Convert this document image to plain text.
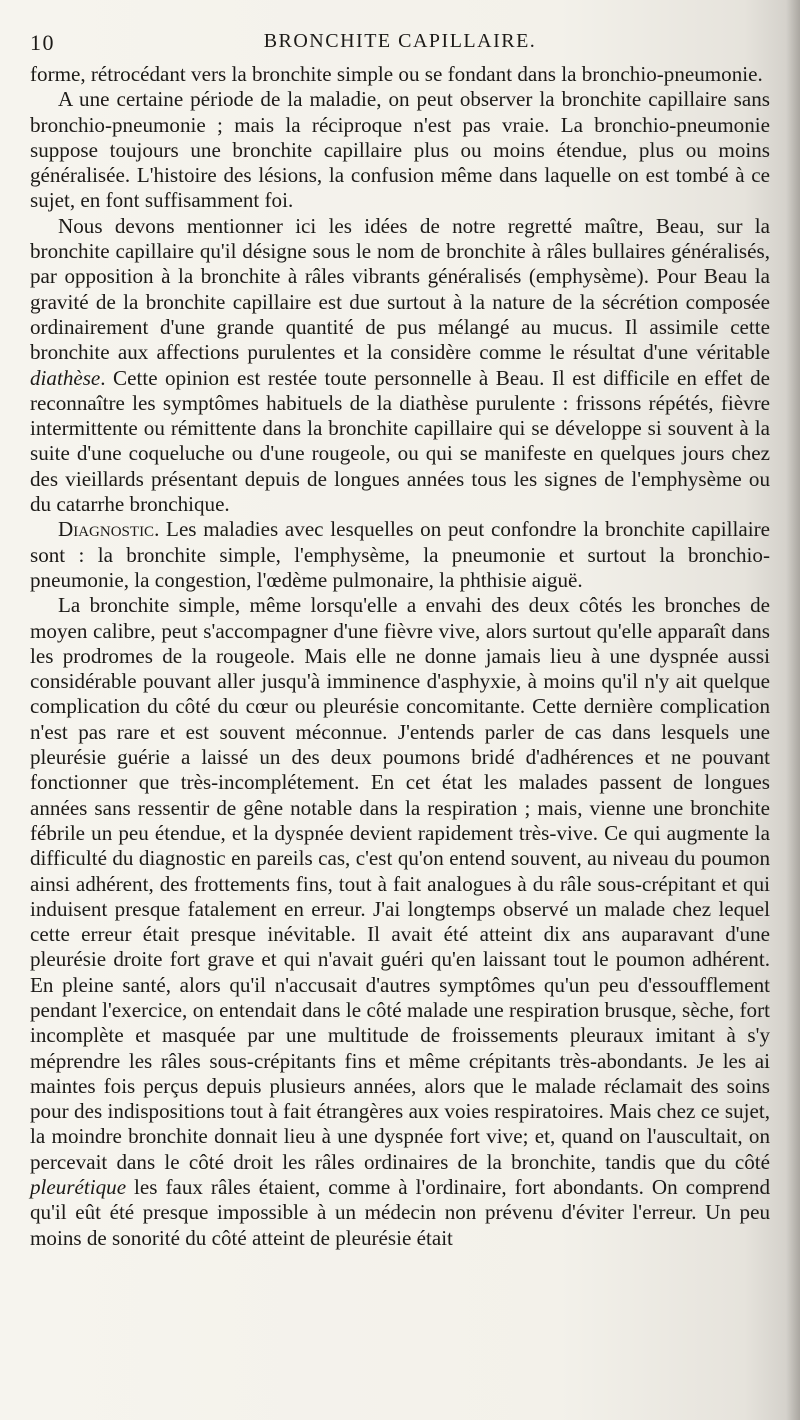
10	BRONCHITE CAPILLAIRE.

forme, rétrocédant vers la bronchite simple ou se fondant dans la bronchio-pneumonie.

A une certaine période de la maladie, on peut observer la bronchite capillaire sans bronchio-pneumonie ; mais la réciproque n'est pas vraie. La bronchio-pneumonie suppose toujours une bronchite capillaire plus ou moins étendue, plus ou moins généralisée. L'histoire des lésions, la confusion même dans laquelle on est tombé à ce sujet, en font suffisamment foi.

Nous devons mentionner ici les idées de notre regretté maître, Beau, sur la bronchite capillaire qu'il désigne sous le nom de bronchite à râles bullaires généralisés, par opposition à la bronchite à râles vibrants généralisés (emphysème). Pour Beau la gravité de la bronchite capillaire est due surtout à la nature de la sécrétion composée ordinairement d'une grande quantité de pus mélangé au mucus. Il assimile cette bronchite aux affections purulentes et la considère comme le résultat d'une véritable diathèse. Cette opinion est restée toute personnelle à Beau. Il est difficile en effet de reconnaître les symptômes habituels de la diathèse purulente : frissons répétés, fièvre intermittente ou rémittente dans la bronchite capillaire qui se développe si souvent à la suite d'une coqueluche ou d'une rougeole, ou qui se manifeste en quelques jours chez des vieillards présentant depuis de longues années tous les signes de l'emphysème ou du catarrhe bronchique.

Diagnostic. Les maladies avec lesquelles on peut confondre la bronchite capillaire sont : la bronchite simple, l'emphysème, la pneumonie et surtout la bronchio-pneumonie, la congestion, l'œdème pulmonaire, la phthisie aiguë.

La bronchite simple, même lorsqu'elle a envahi des deux côtés les bronches de moyen calibre, peut s'accompagner d'une fièvre vive, alors surtout qu'elle apparaît dans les prodromes de la rougeole. Mais elle ne donne jamais lieu à une dyspnée aussi considérable pouvant aller jusqu'à imminence d'asphyxie, à moins qu'il n'y ait quelque complication du côté du cœur ou pleurésie concomitante. Cette dernière complication n'est pas rare et est souvent méconnue. J'entends parler de cas dans lesquels une pleurésie guérie a laissé un des deux poumons bridé d'adhérences et ne pouvant fonctionner que très-incomplétement. En cet état les malades passent de longues années sans ressentir de gêne notable dans la respiration ; mais, vienne une bronchite fébrile un peu étendue, et la dyspnée devient rapidement très-vive. Ce qui augmente la difficulté du diagnostic en pareils cas, c'est qu'on entend souvent, au niveau du poumon ainsi adhérent, des frottements fins, tout à fait analogues à du râle sous-crépitant et qui induisent presque fatalement en erreur. J'ai longtemps observé un malade chez lequel cette erreur était presque inévitable. Il avait été atteint dix ans auparavant d'une pleurésie droite fort grave et qui n'avait guéri qu'en laissant tout le poumon adhérent. En pleine santé, alors qu'il n'accusait d'autres symptômes qu'un peu d'essoufflement pendant l'exercice, on entendait dans le côté malade une respiration brusque, sèche, fort incomplète et masquée par une multitude de froissements pleuraux imitant à s'y méprendre les râles sous-crépitants fins et même crépitants très-abondants. Je les ai maintes fois perçus depuis plusieurs années, alors que le malade réclamait des soins pour des indispositions tout à fait étrangères aux voies respiratoires. Mais chez ce sujet, la moindre bronchite donnait lieu à une dyspnée fort vive; et, quand on l'auscultait, on percevait dans le côté droit les râles ordinaires de la bronchite, tandis que du côté pleurétique les faux râles étaient, comme à l'ordinaire, fort abondants. On comprend qu'il eût été presque impossible à un médecin non prévenu d'éviter l'erreur. Un peu moins de sonorité du côté atteint de pleurésie était
